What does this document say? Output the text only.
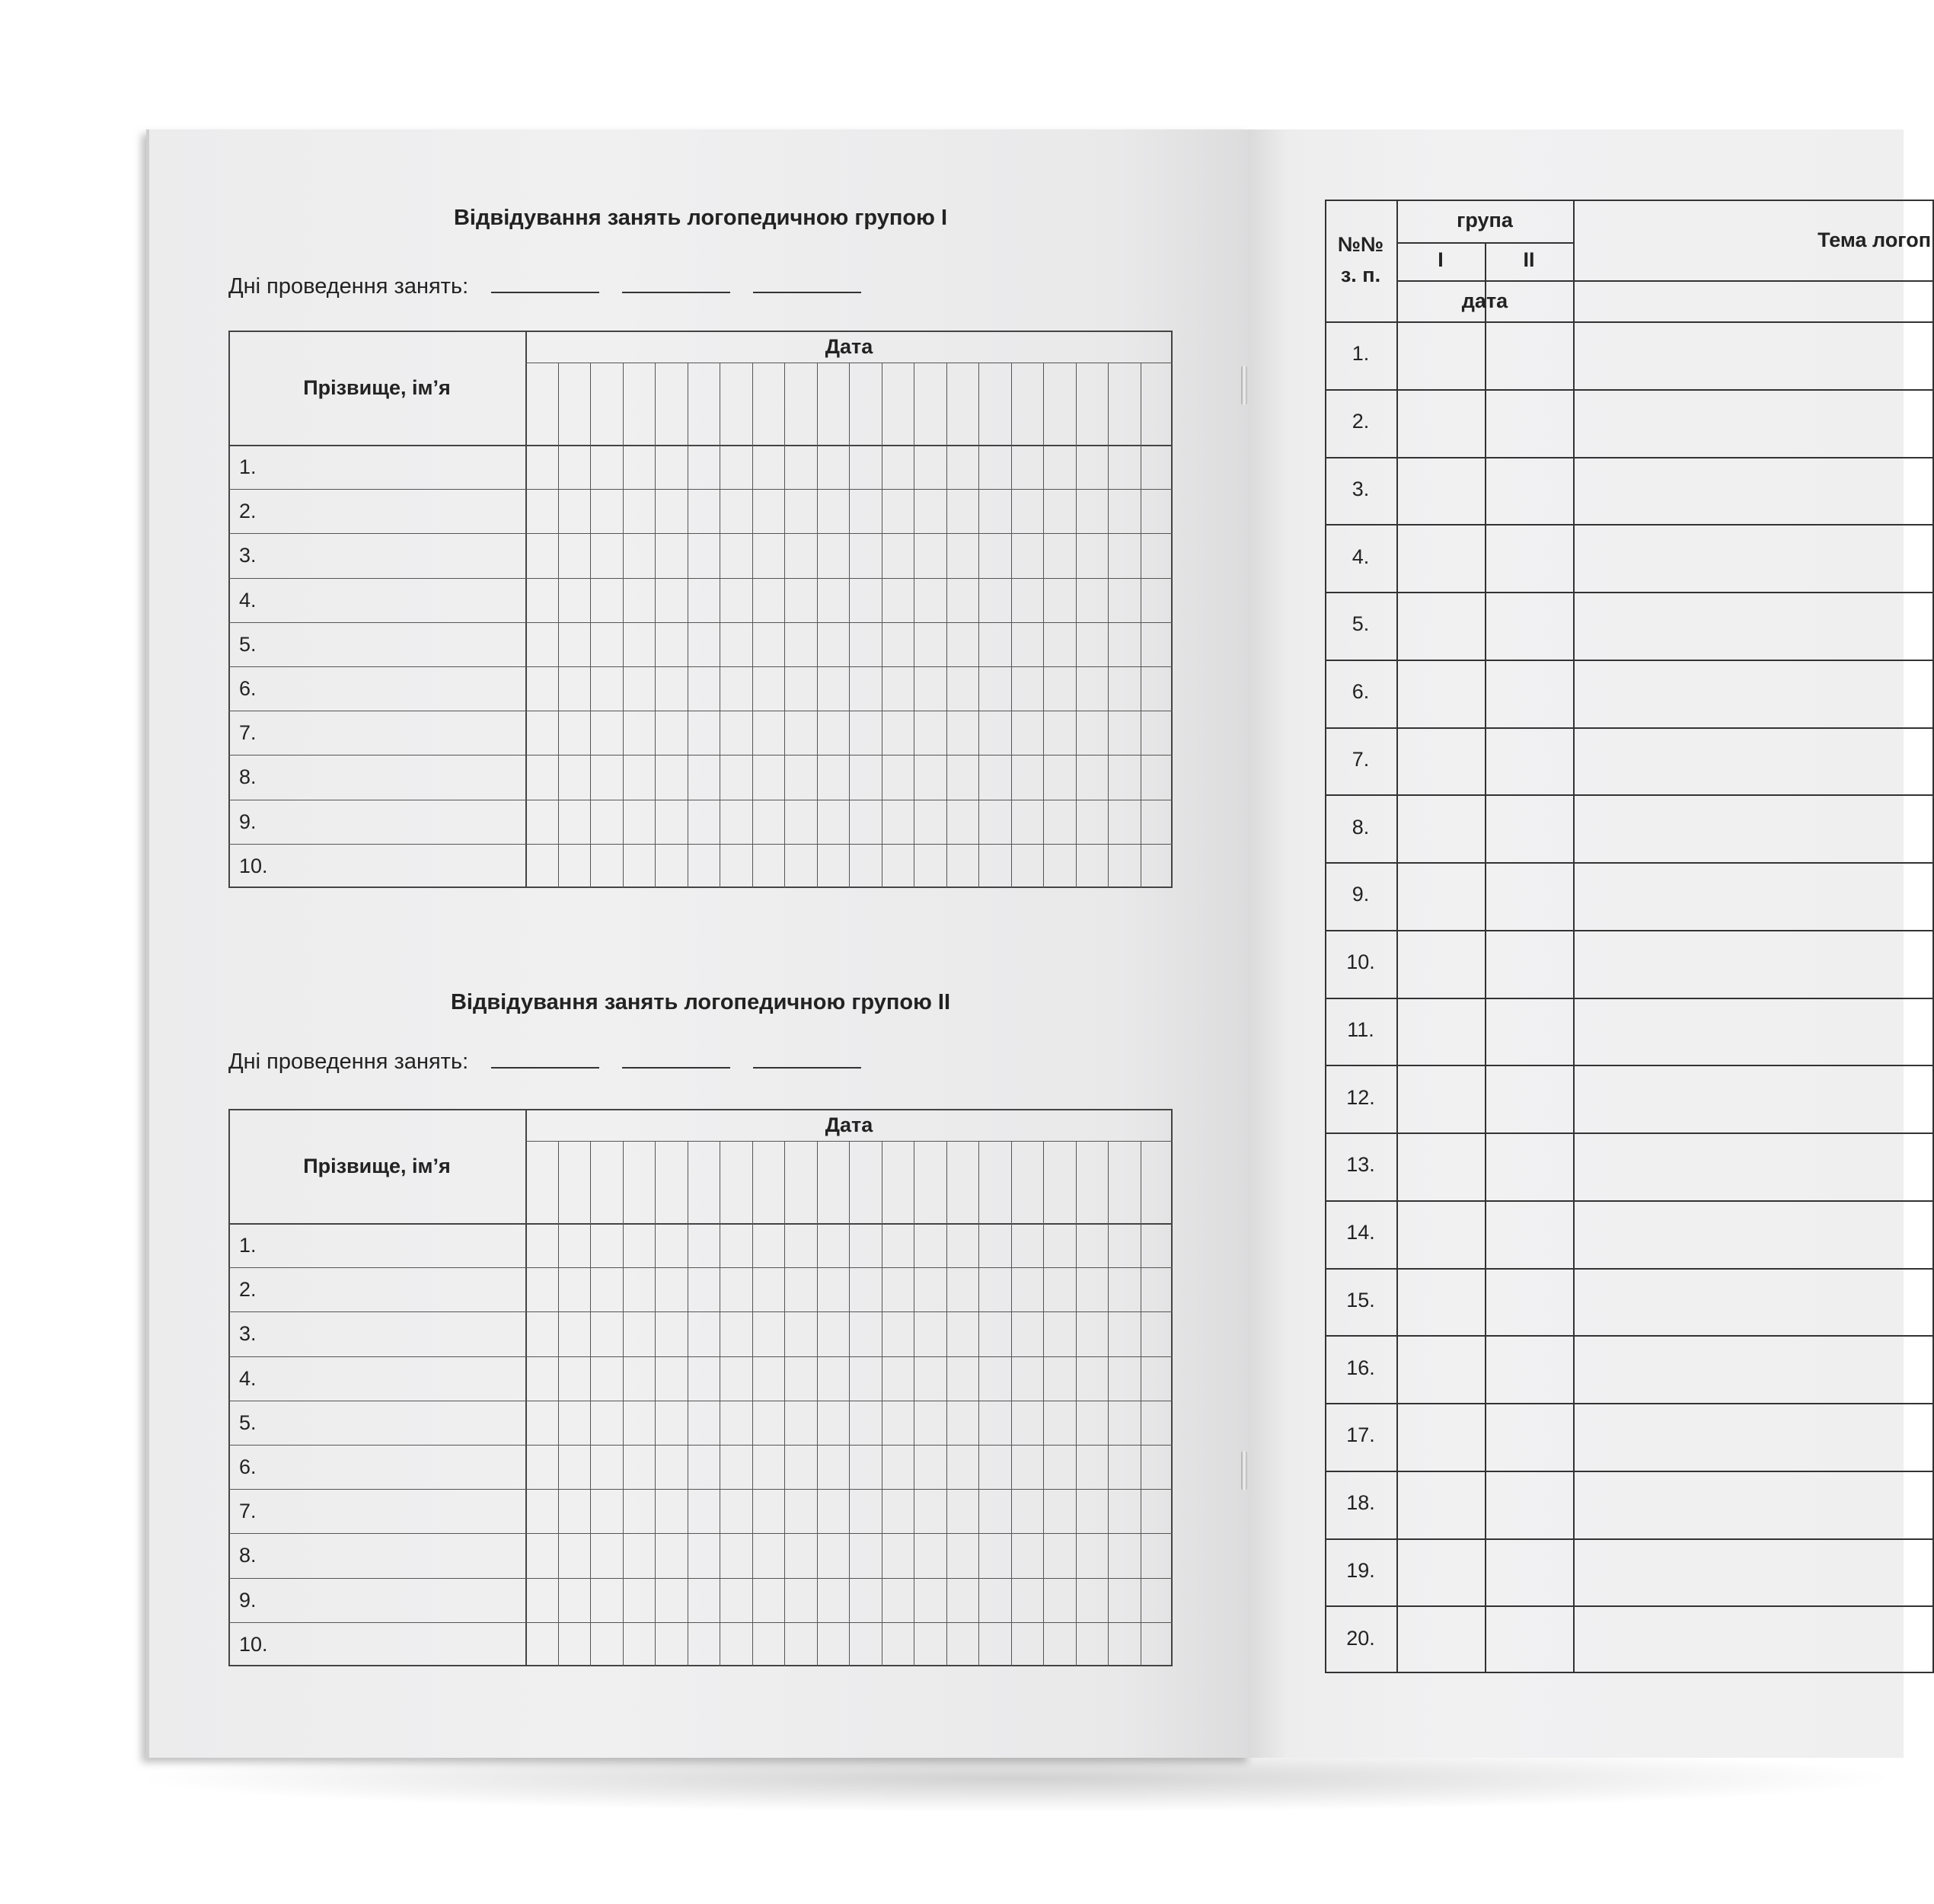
Відвідування занять логопедичною групою I
Дні проведення занять:
Дата
Прізвище, ім’я
1.
2.
3.
4.
5.
6.
7.
8.
9.
10.
Відвідування занять логопедичною групою II
Дні проведення занять:
Дата
Прізвище, ім’я
1.
2.
3.
4.
5.
6.
7.
8.
9.
10.
№№
з. п.
група
I	II
дата
Тема логоп
1.
2.
3.
4.
5.
6.
7.
8.
9.
10.
11.
12.
13.
14.
15.
16.
17.
18.
19.
20.
